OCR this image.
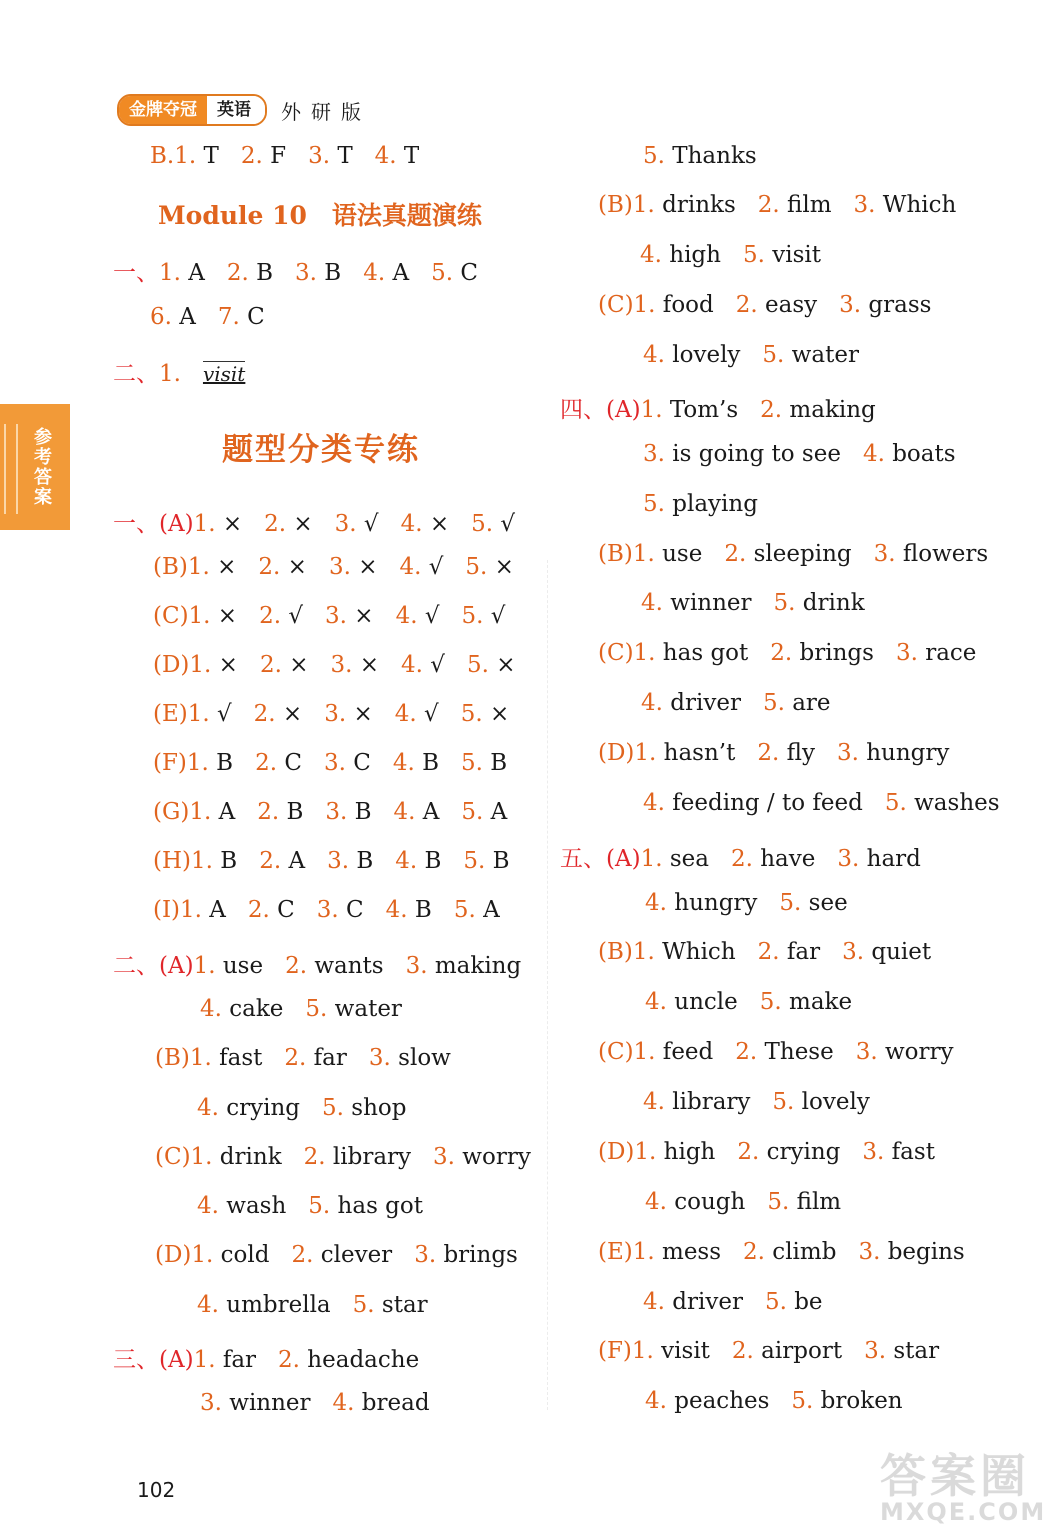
金牌夺冠	英语	外研版
参考答案
Module 10　语法真题演练
题型分类专练
B.1. T 2. F 3. T 4. T
一、1. A 2. B 3. B 4. A 5. C
6. A 7. C
二、1. visit
一、(A)1. × 2. × 3. √ 4. × 5. √
(B)1. × 2. × 3. × 4. √ 5. ×
(C)1. × 2. √ 3. × 4. √ 5. √
(D)1. × 2. × 3. × 4. √ 5. ×
(E)1. √ 2. × 3. × 4. √ 5. ×
(F)1. B 2. C 3. C 4. B 5. B
(G)1. A 2. B 3. B 4. A 5. A
(H)1. B 2. A 3. B 4. B 5. B
(I)1. A 2. C 3. C 4. B 5. A
二、(A)1. use 2. wants 3. making
4. cake 5. water
(B)1. fast 2. far 3. slow
4. crying 5. shop
(C)1. drink 2. library 3. worry
4. wash 5. has got
(D)1. cold 2. clever 3. brings
4. umbrella 5. star
三、(A)1. far 2. headache
3. winner 4. bread
5. Thanks
(B)1. drinks 2. film 3. Which
4. high 5. visit
(C)1. food 2. easy 3. grass
4. lovely 5. water
四、(A)1. Tom’s 2. making
3. is going to see 4. boats
5. playing
(B)1. use 2. sleeping 3. flowers
4. winner 5. drink
(C)1. has got 2. brings 3. race
4. driver 5. are
(D)1. hasn’t 2. fly 3. hungry
4. feeding / to feed 5. washes
五、(A)1. sea 2. have 3. hard
4. hungry 5. see
(B)1. Which 2. far 3. quiet
4. uncle 5. make
(C)1. feed 2. These 3. worry
4. library 5. lovely
(D)1. high 2. crying 3. fast
4. cough 5. film
(E)1. mess 2. climb 3. begins
4. driver 5. be
(F)1. visit 2. airport 3. star
4. peaches 5. broken
102	答案圈
MXQE.COM
